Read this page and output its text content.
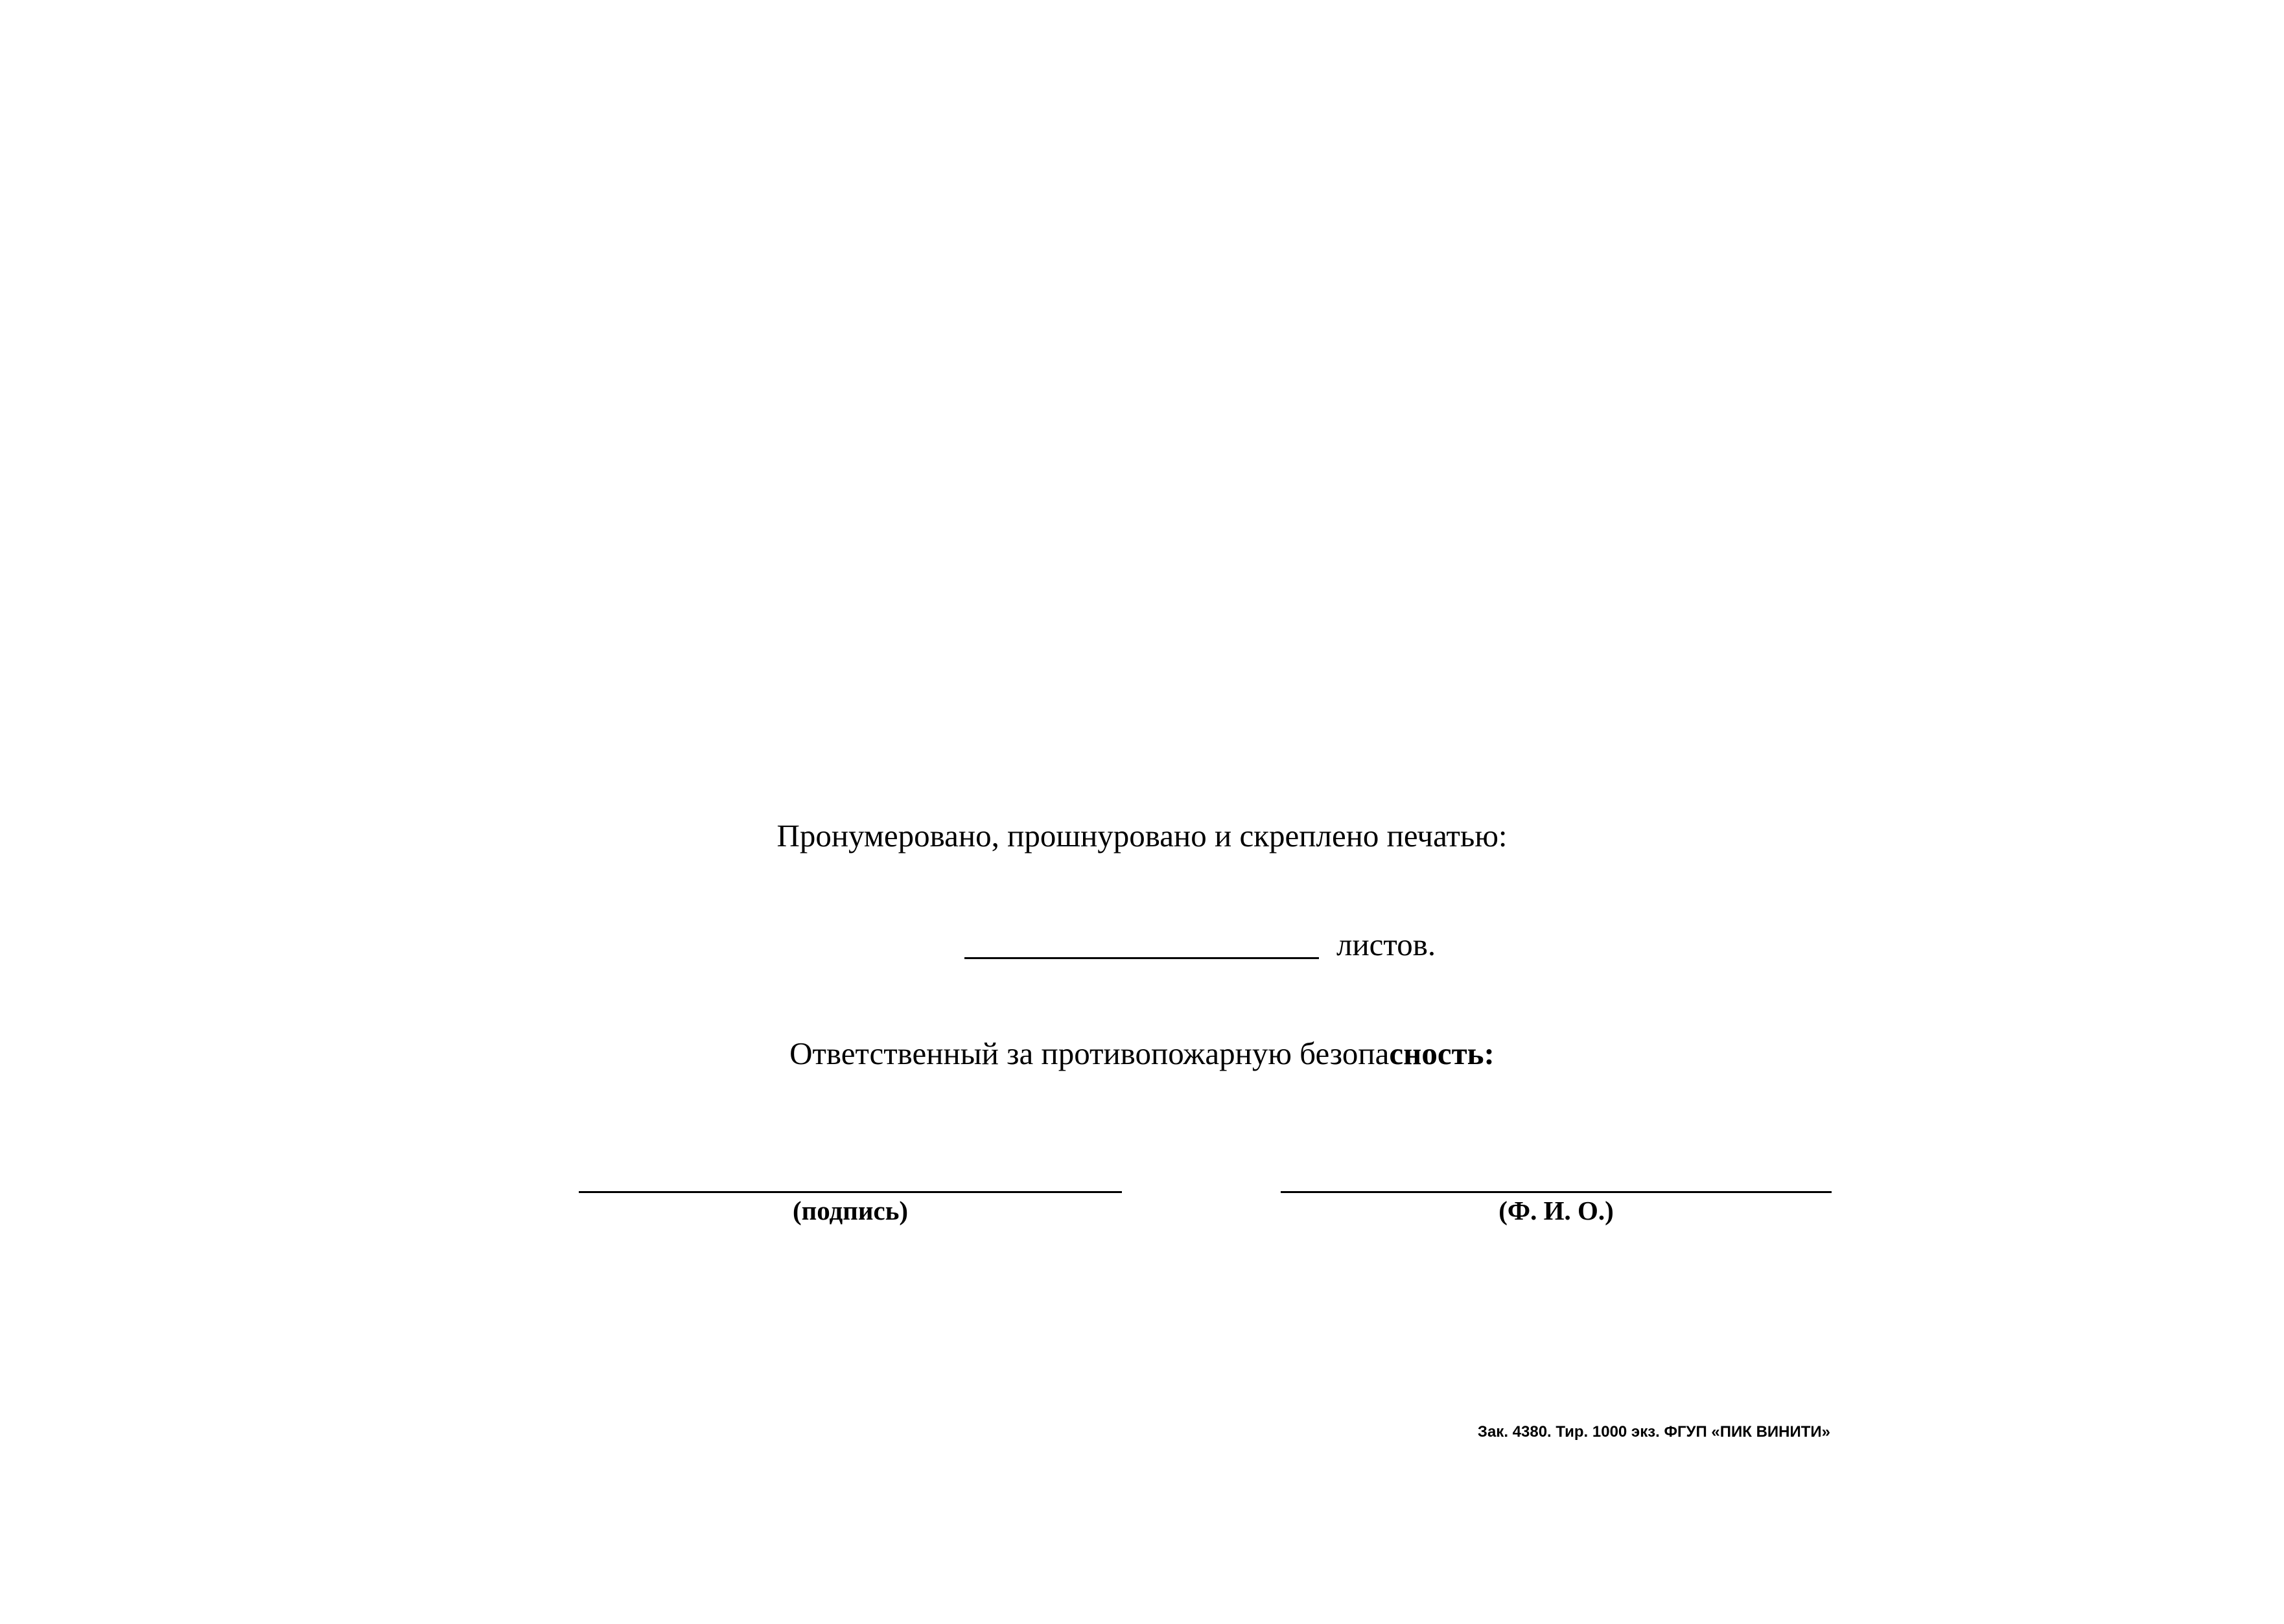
Пронумеровано, прошнуровано и скреплено печатью:
листов.
Ответственный за противопожарную безопасность:
(подпись)	(Ф. И. О.)
Зак. 4380. Тир. 1000 экз. ФГУП «ПИК ВИНИТИ»
